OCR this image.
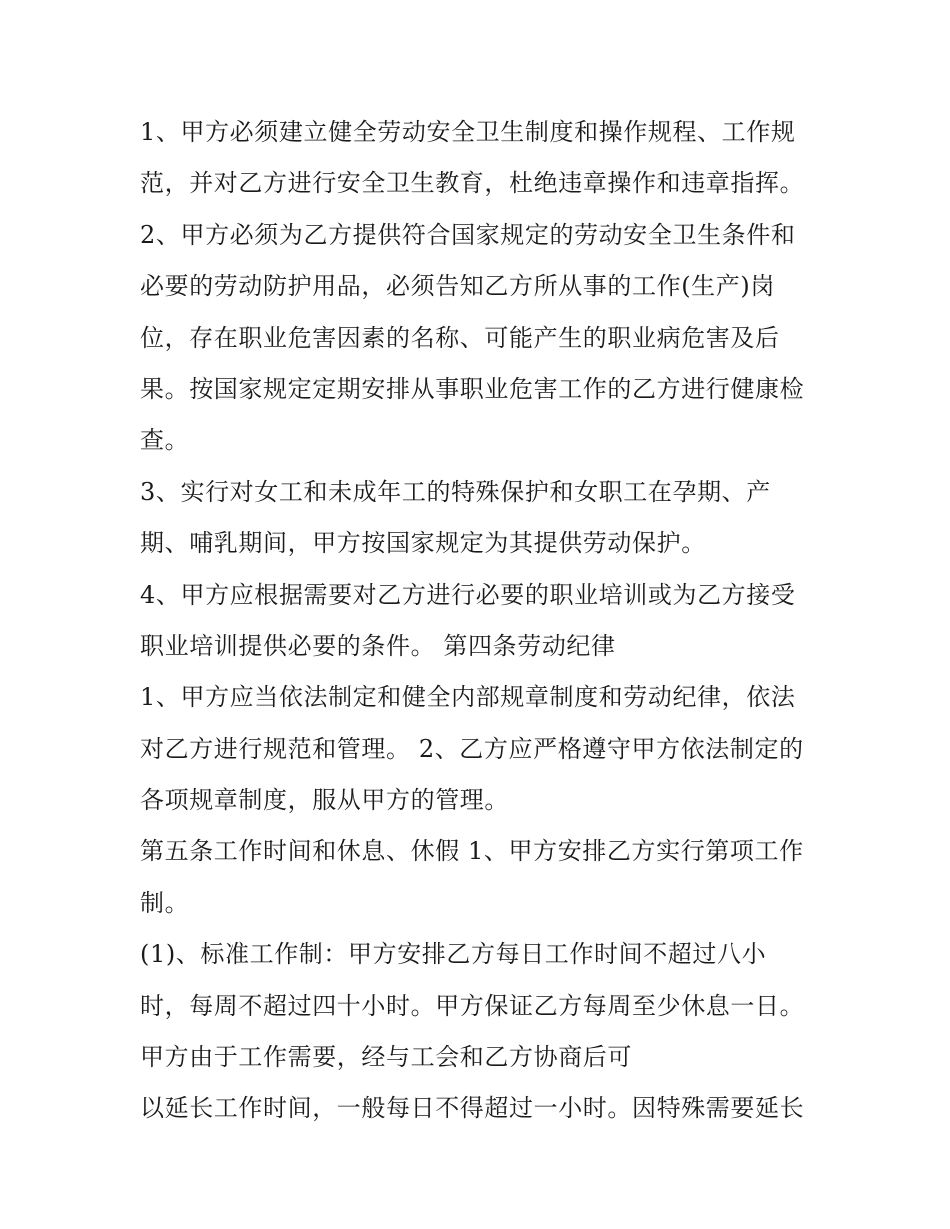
1、甲方必须建立健全劳动安全卫生制度和操作规程、工作规
范，并对乙方进行安全卫生教育，杜绝违章操作和违章指挥。
2、甲方必须为乙方提供符合国家规定的劳动安全卫生条件和
必要的劳动防护用品，必须告知乙方所从事的工作(生产)岗
位，存在职业危害因素的名称、可能产生的职业病危害及后
果。按国家规定定期安排从事职业危害工作的乙方进行健康检
查。
3、实行对女工和未成年工的特殊保护和女职工在孕期、产
期、哺乳期间，甲方按国家规定为其提供劳动保护。
4、甲方应根据需要对乙方进行必要的职业培训或为乙方接受
职业培训提供必要的条件。 第四条劳动纪律
1、甲方应当依法制定和健全内部规章制度和劳动纪律，依法
对乙方进行规范和管理。 2、乙方应严格遵守甲方依法制定的
各项规章制度，服从甲方的管理。
第五条工作时间和休息、休假 1、甲方安排乙方实行第项工作
制。
(1)、标准工作制：甲方安排乙方每日工作时间不超过八小
时，每周不超过四十小时。甲方保证乙方每周至少休息一日。
甲方由于工作需要，经与工会和乙方协商后可
以延长工作时间，一般每日不得超过一小时。因特殊需要延长
